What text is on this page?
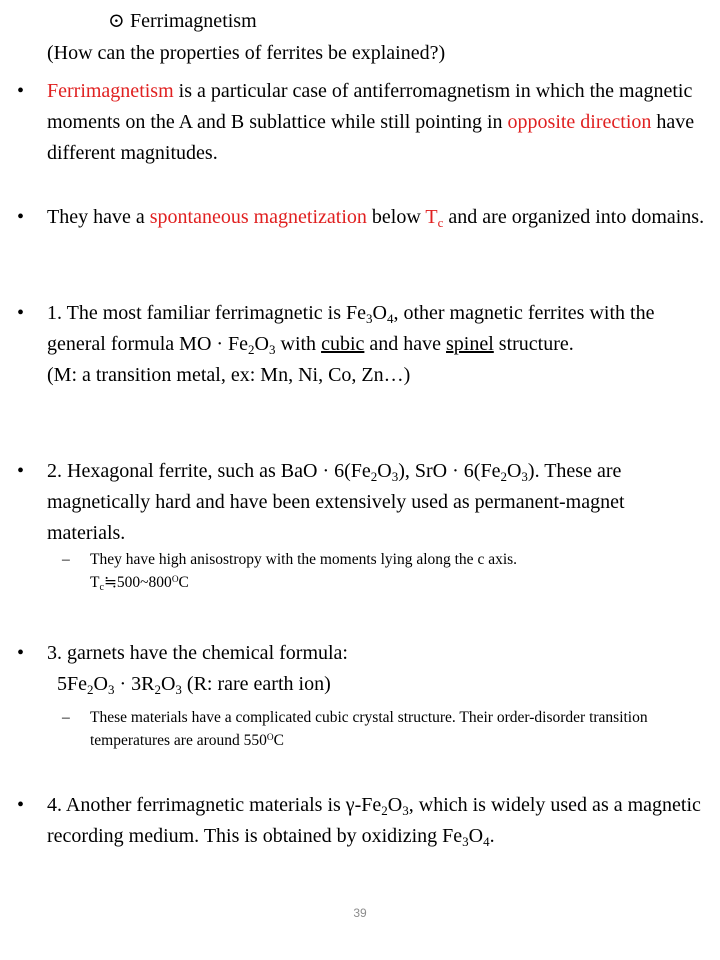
⊙ Ferrimagnetism
(How can the properties of ferrites be explained?)
•	Ferrimagnetism is a particular case of antiferromagnetism in which the magnetic moments on the A and B sublattice while still pointing in opposite direction have different magnitudes.
•	They have a spontaneous magnetization below $T_c$ and are organized into domains.
•	1. The most familiar ferrimagnetic is $Fe_3O_4$, other magnetic ferrites with the general formula MO · $Fe_2O_3$ with cubic and have spinel structure.
(M: a transition metal, ex: Mn, Ni, Co, Zn…)
•	2. Hexagonal ferrite, such as BaO · $6(Fe_2O_3)$, SrO · $6(Fe_2O_3)$. These are magnetically hard and have been extensively used as permanent-magnet materials.
– They have high anisostropy with the moments lying along the c axis.
$T_c≒500\sim 800^OC$
•	3. garnets have the chemical formula:
$5Fe_2O_3 \cdot 3R_2O_3$ (R: rare earth ion)
– These materials have a complicated cubic crystal structure. Their order-disorder transition temperatures are around $550^OC$
•	4. Another ferrimagnetic materials is $\gamma-Fe_2O_3$, which is widely used as a magnetic recording medium. This is obtained by oxidizing $Fe_3O_4$.
39
